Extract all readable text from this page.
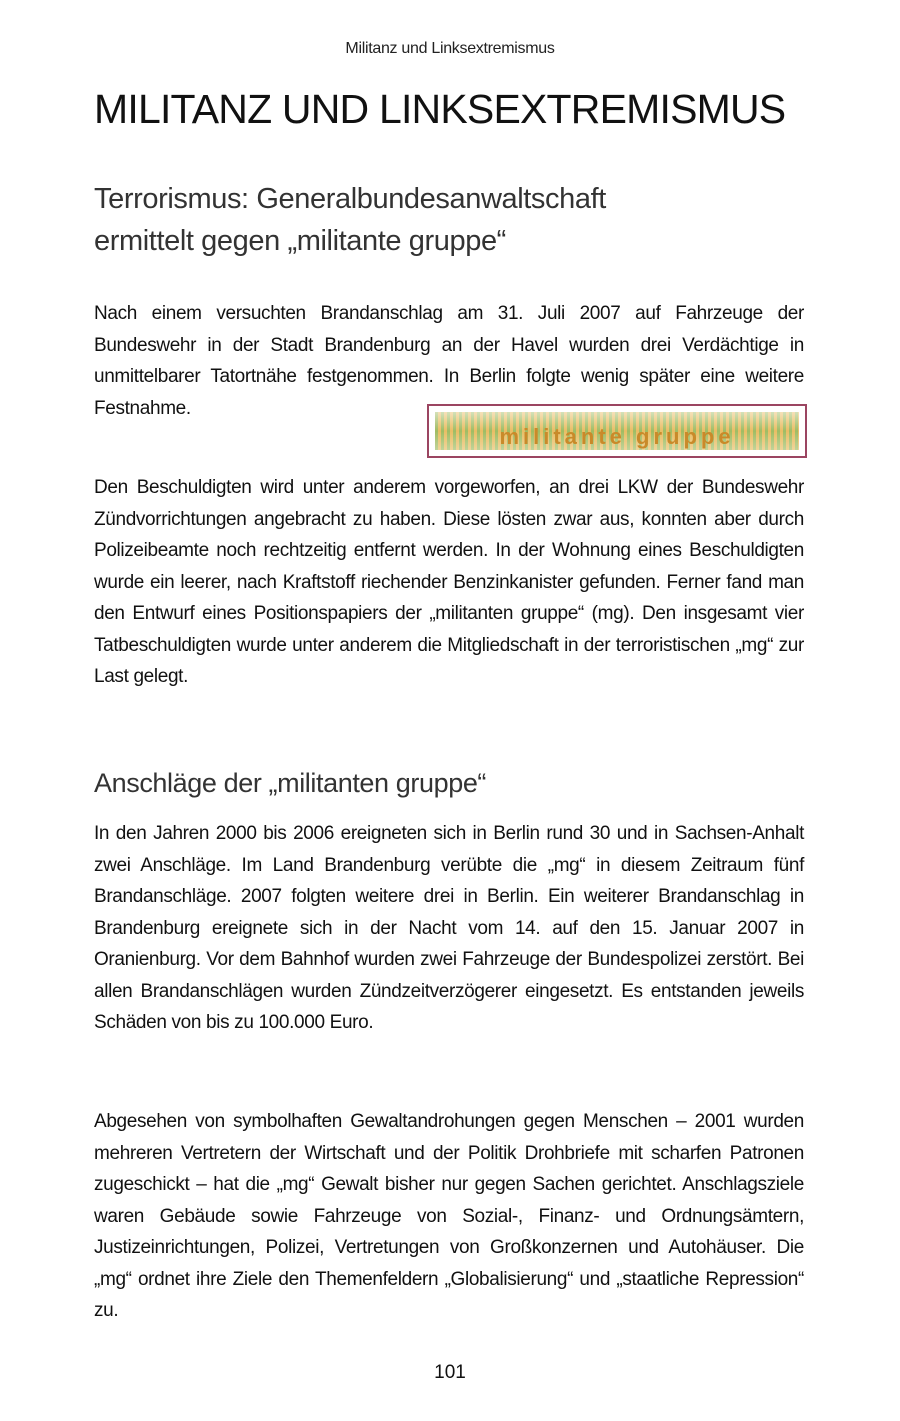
Militanz und Linksextremismus
MILITANZ UND LINKSEXTREMISMUS
Terrorismus: Generalbundesanwaltschaft
ermittelt gegen „militante gruppe“

Nach einem versuchten Brandanschlag am 31. Juli 2007 auf Fahrzeuge der Bundeswehr in der Stadt Brandenburg an der Havel wurden drei Verdächtige in unmittelbarer Tatortnähe festgenommen. In Berlin folgte wenig später eine weitere Festnahme.

militante gruppe

Den Beschuldigten wird unter anderem vorgeworfen, an drei LKW der Bundeswehr Zündvorrichtungen angebracht zu haben. Diese lösten zwar aus, konnten aber durch Polizeibeamte noch rechtzeitig entfernt werden. In der Wohnung eines Beschuldigten wurde ein leerer, nach Kraftstoff riechender Benzinkanister gefunden. Ferner fand man den Entwurf eines Positionspapiers der „militanten gruppe“ (mg). Den insgesamt vier Tatbeschuldigten wurde unter anderem die Mitgliedschaft in der terroristischen „mg“ zur Last gelegt.

Anschläge der „militanten gruppe“

In den Jahren 2000 bis 2006 ereigneten sich in Berlin rund 30 und in Sachsen-Anhalt zwei Anschläge. Im Land Brandenburg verübte die „mg“ in diesem Zeitraum fünf Brandanschläge. 2007 folgten weitere drei in Berlin. Ein weiterer Brandanschlag in Brandenburg ereignete sich in der Nacht vom 14. auf den 15. Januar 2007 in Oranienburg. Vor dem Bahnhof wurden zwei Fahrzeuge der Bundespolizei zerstört. Bei allen Brandanschlägen wurden Zündzeitverzögerer eingesetzt. Es entstanden jeweils Schäden von bis zu 100.000 Euro.

Abgesehen von symbolhaften Gewaltandrohungen gegen Menschen – 2001 wurden mehreren Vertretern der Wirtschaft und der Politik Drohbriefe mit scharfen Patronen zugeschickt – hat die „mg“ Gewalt bisher nur gegen Sachen gerichtet. Anschlagsziele waren Gebäude sowie Fahrzeuge von Sozial-, Finanz- und Ordnungsämtern, Justizeinrichtungen, Polizei, Vertretungen von Großkonzernen und Autohäuser. Die „mg“ ordnet ihre Ziele den Themenfeldern „Globalisierung“ und „staatliche Repression“ zu.

101
